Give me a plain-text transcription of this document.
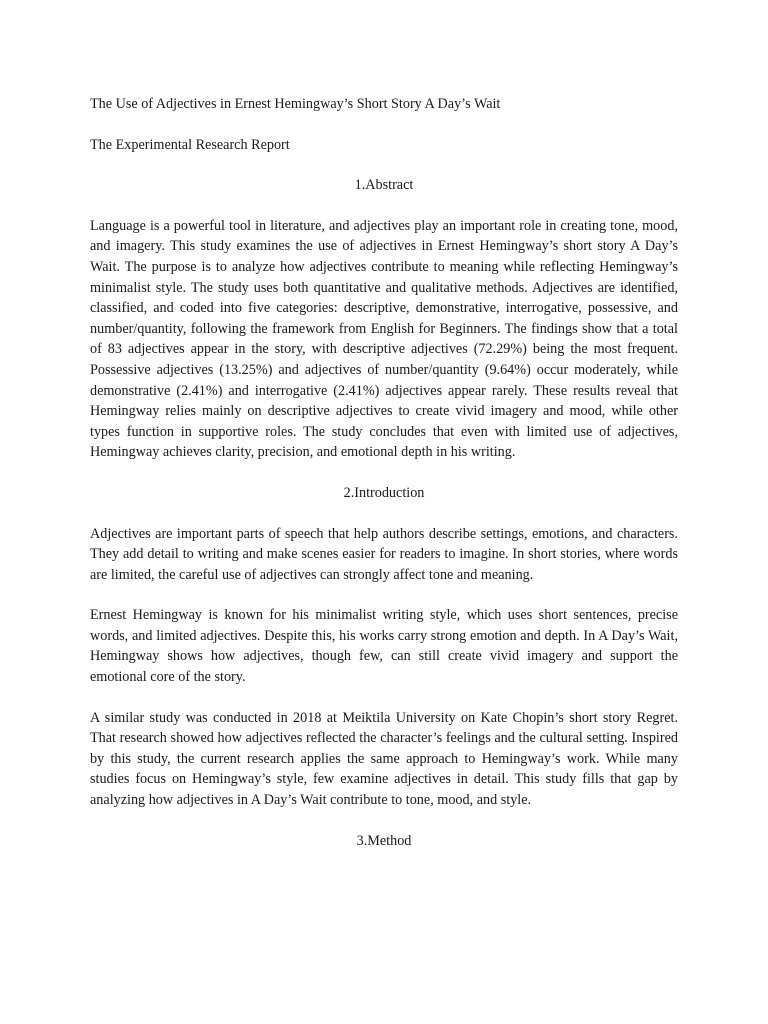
The Use of Adjectives in Ernest Hemingway’s Short Story A Day’s Wait

The Experimental Research Report

1.Abstract

Language is a powerful tool in literature, and adjectives play an important role in creating tone, mood, and imagery. This study examines the use of adjectives in Ernest Hemingway’s short story A Day’s Wait. The purpose is to analyze how adjectives contribute to meaning while reflecting Hemingway’s minimalist style. The study uses both quantitative and qualitative methods. Adjectives are identified, classified, and coded into five categories: descriptive, demonstrative, interrogative, possessive, and number/quantity, following the framework from English for Beginners. The findings show that a total of 83 adjectives appear in the story, with descriptive adjectives (72.29%) being the most frequent. Possessive adjectives (13.25%) and adjectives of number/quantity (9.64%) occur moderately, while demonstrative (2.41%) and interrogative (2.41%) adjectives appear rarely. These results reveal that Hemingway relies mainly on descriptive adjectives to create vivid imagery and mood, while other types function in supportive roles. The study concludes that even with limited use of adjectives, Hemingway achieves clarity, precision, and emotional depth in his writing.

2.Introduction

Adjectives are important parts of speech that help authors describe settings, emotions, and characters. They add detail to writing and make scenes easier for readers to imagine. In short stories, where words are limited, the careful use of adjectives can strongly affect tone and meaning.

Ernest Hemingway is known for his minimalist writing style, which uses short sentences, precise words, and limited adjectives. Despite this, his works carry strong emotion and depth. In A Day’s Wait, Hemingway shows how adjectives, though few, can still create vivid imagery and support the emotional core of the story.

A similar study was conducted in 2018 at Meiktila University on Kate Chopin’s short story Regret. That research showed how adjectives reflected the character’s feelings and the cultural setting. Inspired by this study, the current research applies the same approach to Hemingway’s work. While many studies focus on Hemingway’s style, few examine adjectives in detail. This study fills that gap by analyzing how adjectives in A Day’s Wait contribute to tone, mood, and style.

3.Method
